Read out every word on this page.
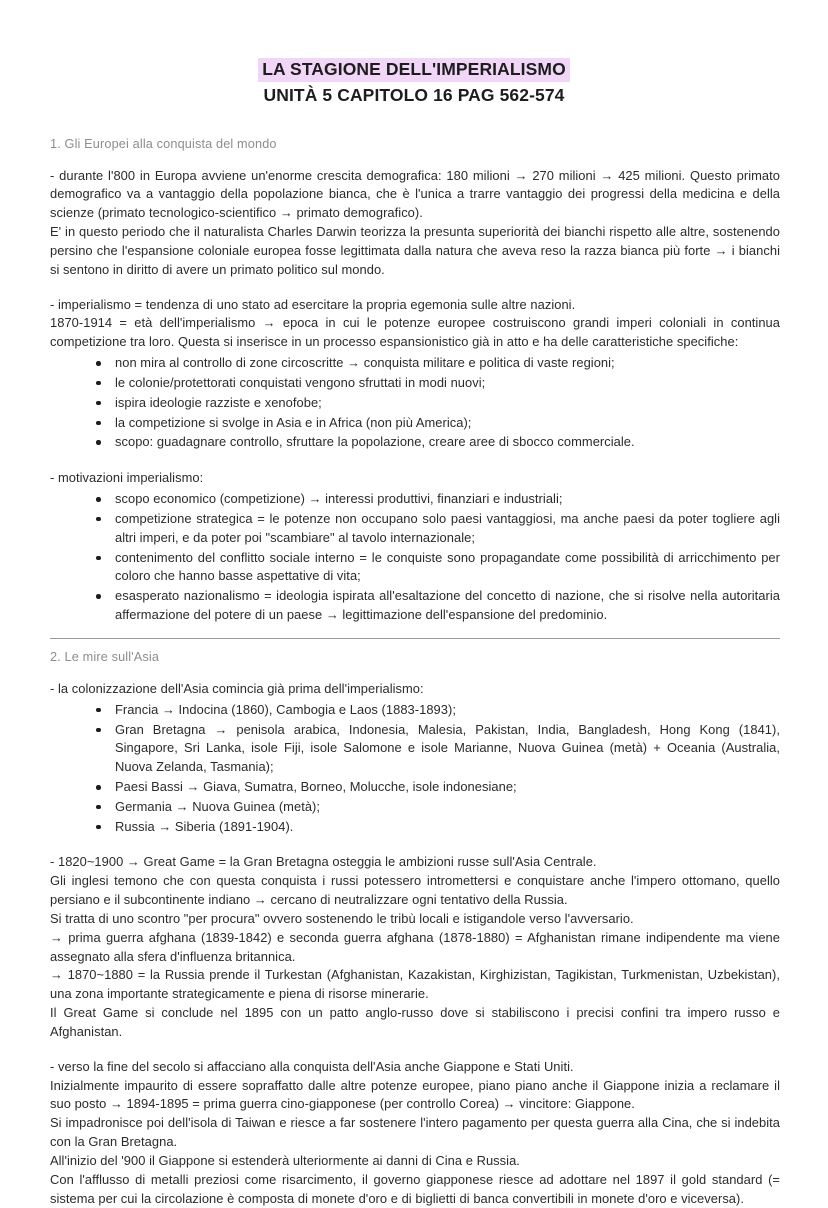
LA STAGIONE DELL'IMPERIALISMO
UNITÀ 5 CAPITOLO 16 PAG 562-574
1. Gli Europei alla conquista del mondo

- durante l'800 in Europa avviene un'enorme crescita demografica: 180 milioni → 270 milioni → 425 milioni. Questo primato demografico va a vantaggio della popolazione bianca, che è l'unica a trarre vantaggio dei progressi della medicina e della scienze (primato tecnologico-scientifico → primato demografico).

E' in questo periodo che il naturalista Charles Darwin teorizza la presunta superiorità dei bianchi rispetto alle altre, sostenendo persino che l'espansione coloniale europea fosse legittimata dalla natura che aveva reso la razza bianca più forte → i bianchi si sentono in diritto di avere un primato politico sul mondo.

- imperialismo = tendenza di uno stato ad esercitare la propria egemonia sulle altre nazioni.

1870-1914 = età dell'imperialismo → epoca in cui le potenze europee costruiscono grandi imperi coloniali in continua competizione tra loro. Questa si inserisce in un processo espansionistico già in atto e ha delle caratteristiche specifiche:

non mira al controllo di zone circoscritte → conquista militare e politica di vaste regioni;
le colonie/protettorati conquistati vengono sfruttati in modi nuovi;
ispira ideologie razziste e xenofobe;
la competizione si svolge in Asia e in Africa (non più America);
scopo: guadagnare controllo, sfruttare la popolazione, creare aree di sbocco commerciale.

- motivazioni imperialismo:

scopo economico (competizione) → interessi produttivi, finanziari e industriali;
competizione strategica = le potenze non occupano solo paesi vantaggiosi, ma anche paesi da poter togliere agli altri imperi, e da poter poi "scambiare" al tavolo internazionale;
contenimento del conflitto sociale interno = le conquiste sono propagandate come possibilità di arricchimento per coloro che hanno basse aspettative di vita;
esasperato nazionalismo = ideologia ispirata all'esaltazione del concetto di nazione, che si risolve nella autoritaria affermazione del potere di un paese → legittimazione dell'espansione del predominio.
2. Le mire sull'Asia

- la colonizzazione dell'Asia comincia già prima dell'imperialismo:

Francia → Indocina (1860), Cambogia e Laos (1883-1893);
Gran Bretagna → penisola arabica, Indonesia, Malesia, Pakistan, India, Bangladesh, Hong Kong (1841), Singapore, Sri Lanka, isole Fiji, isole Salomone e isole Marianne, Nuova Guinea (metà) + Oceania (Australia, Nuova Zelanda, Tasmania);
Paesi Bassi → Giava, Sumatra, Borneo, Molucche, isole indonesiane;
Germania → Nuova Guinea (metà);
Russia → Siberia (1891-1904).

- 1820~1900 → Great Game = la Gran Bretagna osteggia le ambizioni russe sull'Asia Centrale.

Gli inglesi temono che con questa conquista i russi potessero intromettersi e conquistare anche l'impero ottomano, quello persiano e il subcontinente indiano → cercano di neutralizzare ogni tentativo della Russia.

Si tratta di uno scontro "per procura" ovvero sostenendo le tribù locali e istigandole verso l'avversario.

→ prima guerra afghana (1839-1842) e seconda guerra afghana (1878-1880) = Afghanistan rimane indipendente ma viene assegnato alla sfera d'influenza britannica.

→ 1870~1880 = la Russia prende il Turkestan (Afghanistan, Kazakistan, Kirghizistan, Tagikistan, Turkmenistan, Uzbekistan), una zona importante strategicamente e piena di risorse minerarie.

Il Great Game si conclude nel 1895 con un patto anglo-russo dove si stabiliscono i precisi confini tra impero russo e Afghanistan.

- verso la fine del secolo si affacciano alla conquista dell'Asia anche Giappone e Stati Uniti.

Inizialmente impaurito di essere sopraffatto dalle altre potenze europee, piano piano anche il Giappone inizia a reclamare il suo posto → 1894-1895 = prima guerra cino-giapponese (per controllo Corea) → vincitore: Giappone.

Si impadronisce poi dell'isola di Taiwan e riesce a far sostenere l'intero pagamento per questa guerra alla Cina, che si indebita con la Gran Bretagna.

All'inizio del '900 il Giappone si estenderà ulteriormente ai danni di Cina e Russia.

Con l'afflusso di metalli preziosi come risarcimento, il governo giapponese riesce ad adottare nel 1897 il gold standard (= sistema per cui la circolazione è composta di monete d'oro e di biglietti di banca convertibili in monete d'oro e viceversa).
